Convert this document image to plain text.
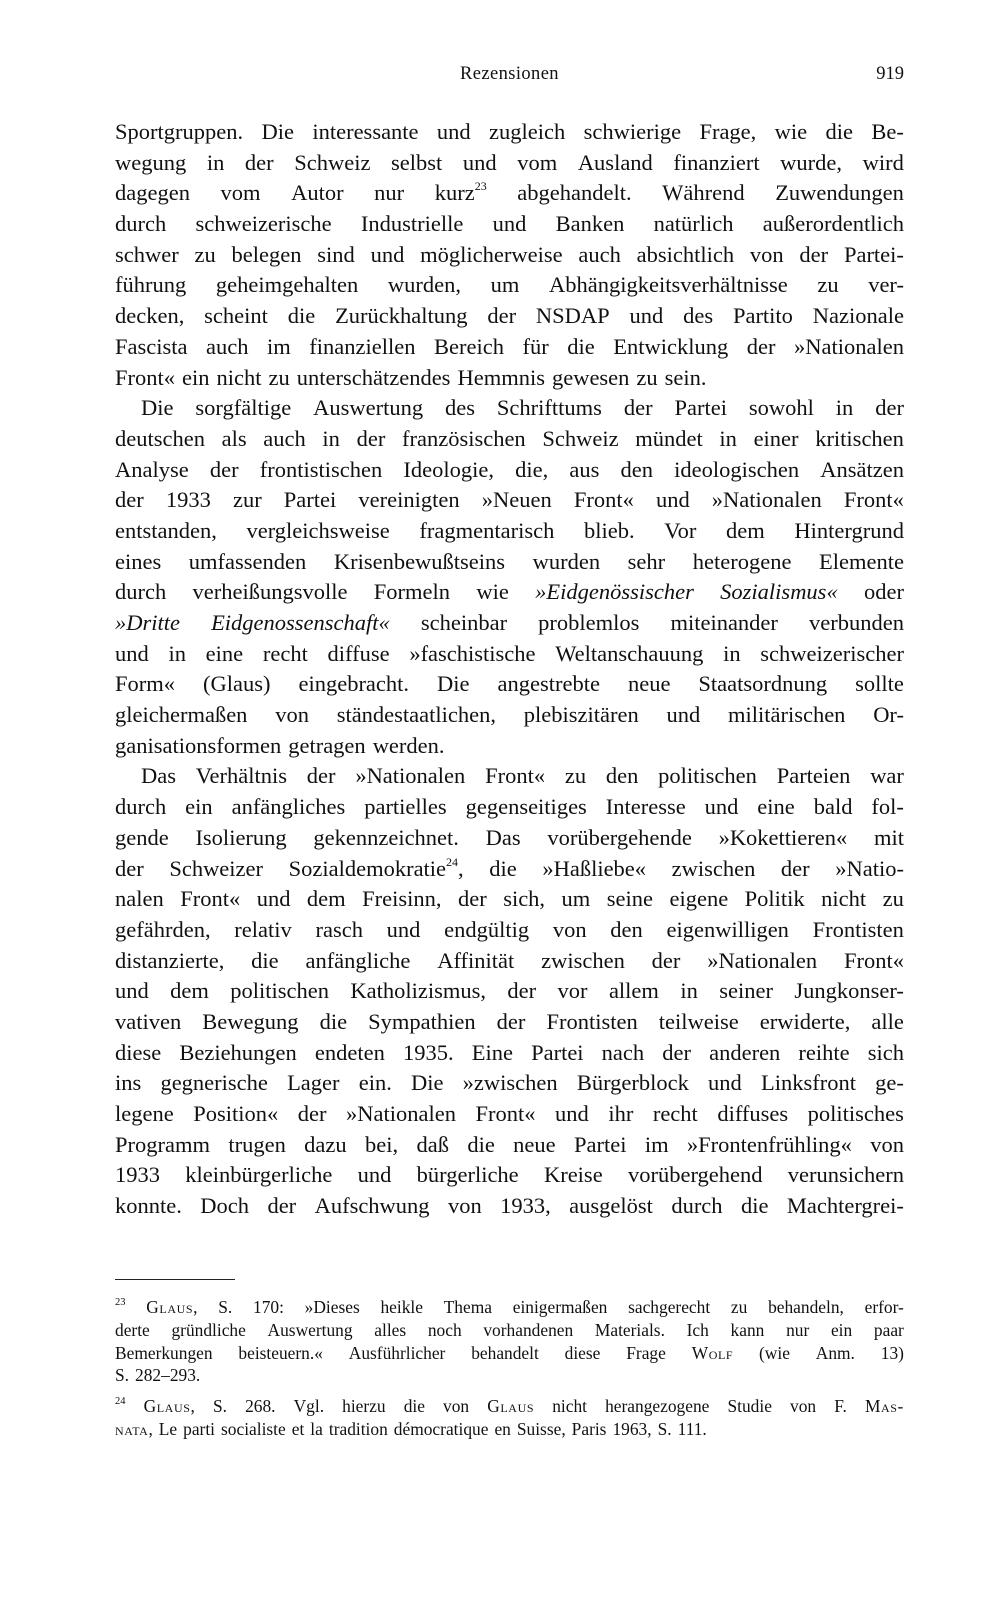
Rezensionen	919
Sportgruppen. Die interessante und zugleich schwierige Frage, wie die Be-
wegung in der Schweiz selbst und vom Ausland finanziert wurde, wird
dagegen vom Autor nur kurz$^{23}$ abgehandelt. Während Zuwendungen
durch schweizerische Industrielle und Banken natürlich außerordentlich
schwer zu belegen sind und möglicherweise auch absichtlich von der Partei-
führung geheimgehalten wurden, um Abhängigkeitsverhältnisse zu ver-
decken, scheint die Zurückhaltung der NSDAP und des Partito Nazionale
Fascista auch im finanziellen Bereich für die Entwicklung der »Nationalen
Front« ein nicht zu unterschätzendes Hemmnis gewesen zu sein.
Die sorgfältige Auswertung des Schrifttums der Partei sowohl in der
deutschen als auch in der französischen Schweiz mündet in einer kritischen
Analyse der frontistischen Ideologie, die, aus den ideologischen Ansätzen
der 1933 zur Partei vereinigten »Neuen Front« und »Nationalen Front«
entstanden, vergleichsweise fragmentarisch blieb. Vor dem Hintergrund
eines umfassenden Krisenbewußtseins wurden sehr heterogene Elemente
durch verheißungsvolle Formeln wie »Eidgenössischer Sozialismus« oder
»Dritte Eidgenossenschaft« scheinbar problemlos miteinander verbunden
und in eine recht diffuse »faschistische Weltanschauung in schweizerischer
Form« (Glaus) eingebracht. Die angestrebte neue Staatsordnung sollte
gleichermaßen von ständestaatlichen, plebiszitären und militärischen Or-
ganisationsformen getragen werden.
Das Verhältnis der »Nationalen Front« zu den politischen Parteien war
durch ein anfängliches partielles gegenseitiges Interesse und eine bald fol-
gende Isolierung gekennzeichnet. Das vorübergehende »Kokettieren« mit
der Schweizer Sozialdemokratie$^{24}$, die »Haßliebe« zwischen der »Natio-
nalen Front« und dem Freisinn, der sich, um seine eigene Politik nicht zu
gefährden, relativ rasch und endgültig von den eigenwilligen Frontisten
distanzierte, die anfängliche Affinität zwischen der »Nationalen Front«
und dem politischen Katholizismus, der vor allem in seiner Jungkonser-
vativen Bewegung die Sympathien der Frontisten teilweise erwiderte, alle
diese Beziehungen endeten 1935. Eine Partei nach der anderen reihte sich
ins gegnerische Lager ein. Die »zwischen Bürgerblock und Linksfront ge-
legene Position« der »Nationalen Front« und ihr recht diffuses politisches
Programm trugen dazu bei, daß die neue Partei im »Frontenfrühling« von
1933 kleinbürgerliche und bürgerliche Kreise vorübergehend verunsichern
konnte. Doch der Aufschwung von 1933, ausgelöst durch die Machtergrei-
$^{23}$ Glaus, S. 170: »Dieses heikle Thema einigermaßen sachgerecht zu behandeln, erfor-
derte gründliche Auswertung alles noch vorhandenen Materials. Ich kann nur ein paar
Bemerkungen beisteuern.« Ausführlicher behandelt diese Frage Wolf (wie Anm. 13)
S. 282–293.
$^{24}$ Glaus, S. 268. Vgl. hierzu die von Glaus nicht herangezogene Studie von F. Mas-
nata, Le parti socialiste et la tradition démocratique en Suisse, Paris 1963, S. 111.
